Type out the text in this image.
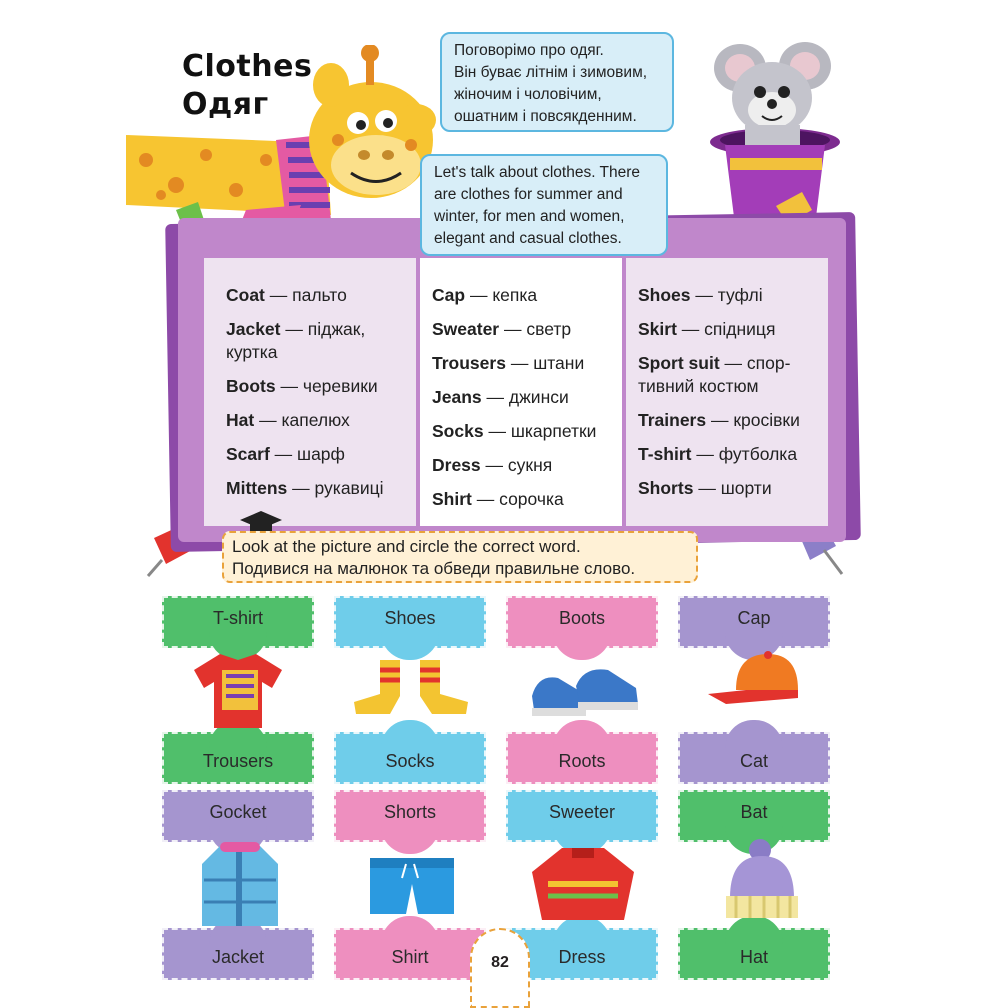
Clothes
Одяг
Coat — пальто
Jacket — піджак,
куртка
Boots — черевики
Hat — капелюх
Scarf — шарф
Mittens — рукавиці
Cap — кепка
Sweater — светр
Trousers — штани
Jeans — джинси
Socks — шкарпетки
Dress — сукня
Shirt — сорочка
Shoes — туфлі
Skirt — спідниця
Sport suit — спор-
тивний костюм
Trainers — кросівки
T-shirt — футболка
Shorts — шорти
Поговорімо про одяг.
Він буває літнім і зимовим,
жіночим і чоловічим,
ошатним і повсякденним.
Let's talk about clothes. There
are clothes for summer and
winter, for men and women,
elegant and casual clothes.
Look at the picture and circle the correct word.
Подивися на малюнок та обведи правильне слово.
T-shirt
Trousers
Shoes
Socks
Boots
Roots
Cap
Cat
Gocket
Jacket
Shorts
Shirt
Sweeter
Dress
Bat
Hat
82
